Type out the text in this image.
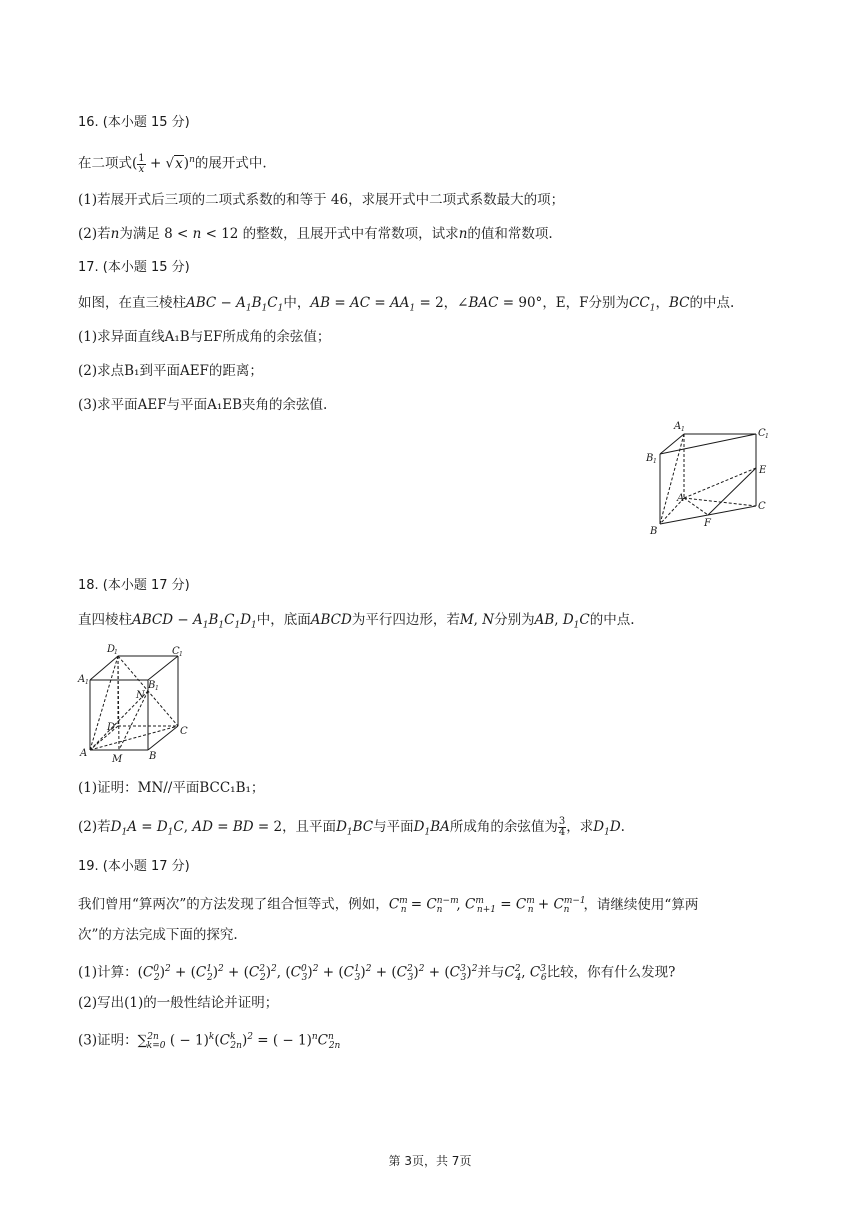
16. (本小题 15 分)
在二项式( $\frac{1}{x} + √x)^n$的展开式中.
(1)若展开式后三项的二项式系数的和等于 46，求展开式中二项式系数最大的项；
(2)若n为满足 8 < n < 12 的整数，且展开式中有常数项，试求n的值和常数项.
17. (本小题 15 分)
如图，在直三棱柱ABC − $A_1B_1C_1$中，AB = AC = $AA_1 = 2$，∠BAC = 90°，E，F分别为$CC_1$，BC的中点.
(1)求异面直线A₁B与EF所成角的余弦值；
(2)求点B₁到平面AEF的距离；
(3)求平面AEF与平面A₁EB夹角的余弦值.
A 1	C 1
B 1
A
E
C
B
F
18. (本小题 17 分)
直四棱柱ABCD − $A_1B_1C_1D_1$中，底面ABCD为平行四边形，若M, N分别为AB, $D_1C$的中点.
D
1	C 1
A 1	B 1
N
D	C
A
M	B
(1)证明：MN//平面BCC₁B₁；
(2)若$D_1A = D_1C$, AD = BD = 2，且平面$D_1BC$与平面$D_1BA$所成角的余弦值为 $\frac{3}{4}$ ，求$D_1D$.
19. (本小题 17 分)
我们曾用“算两次”的方法发现了组合恒等式，例如，$C^m_n = C^{n-m}_n$ , $C^m_{n+1} = C^m_n + C^{m-1}_n$ ，请继续使用“算两
次”的方法完成下面的探究.
(1)计算：$(C^0_2)^2 + (C^1_2)^2 + (C^2_2)^2$, $(C^0_3)^2 + (C^1_3)^2 + (C^2_3)^2 + (C^3_3)^2$并与$C^2_4$, $C^3_6$比较，你有什么发现?
(2)写出(1)的一般性结论并证明；
(3)证明：∑$^{2n}_{k=0}$ ( − $1)^k(C^k_{2n})^2$ = ( − $1)^nC^n_{2n}$
第 3页，共 7页
